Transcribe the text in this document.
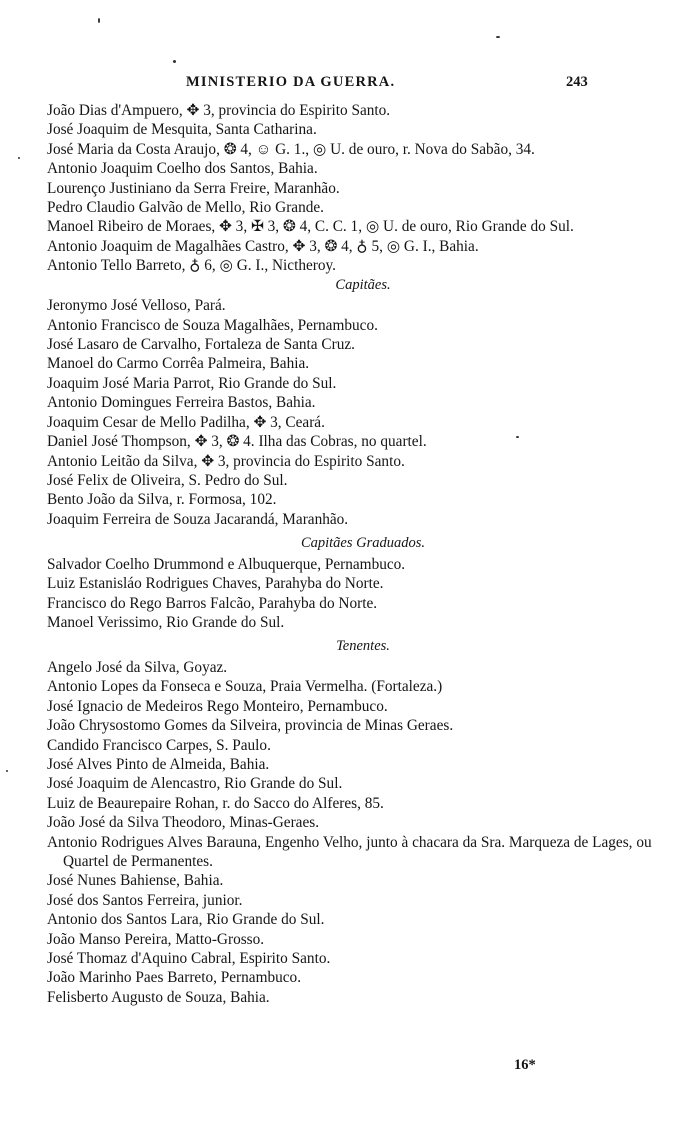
MINISTERIO DA GUERRA.	243
João Dias d'Ampuero, ✥ 3, provincia do Espirito Santo.
José Joaquim de Mesquita, Santa Catharina.
José Maria da Costa Araujo, ❂ 4, ☺ G. 1., ◎ U. de ouro, r. Nova do Sabão, 34.
Antonio Joaquim Coelho dos Santos, Bahia.
Lourenço Justiniano da Serra Freire, Maranhão.
Pedro Claudio Galvão de Mello, Rio Grande.
Manoel Ribeiro de Moraes, ✥ 3, ✠ 3, ❂ 4, C. C. 1, ◎ U. de ouro, Rio Grande do Sul.
Antonio Joaquim de Magalhães Castro, ✥ 3, ❂ 4, ♁ 5, ◎ G. I., Bahia.
Antonio Tello Barreto, ♁ 6, ◎ G. I., Nictheroy.
Capitães.
Jeronymo José Velloso, Pará.
Antonio Francisco de Souza Magalhães, Pernambuco.
José Lasaro de Carvalho, Fortaleza de Santa Cruz.
Manoel do Carmo Corrêa Palmeira, Bahia.
Joaquim José Maria Parrot, Rio Grande do Sul.
Antonio Domingues Ferreira Bastos, Bahia.
Joaquim Cesar de Mello Padilha, ✥ 3, Ceará.
Daniel José Thompson, ✥ 3, ❂ 4. Ilha das Cobras, no quartel.
Antonio Leitão da Silva, ✥ 3, provincia do Espirito Santo.
José Felix de Oliveira, S. Pedro do Sul.
Bento João da Silva, r. Formosa, 102.
Joaquim Ferreira de Souza Jacarandá, Maranhão.
Capitães Graduados.
Salvador Coelho Drummond e Albuquerque, Pernambuco.
Luiz Estanisláo Rodrigues Chaves, Parahyba do Norte.
Francisco do Rego Barros Falcão, Parahyba do Norte.
Manoel Verissimo, Rio Grande do Sul.
Tenentes.
Angelo José da Silva, Goyaz.
Antonio Lopes da Fonseca e Souza, Praia Vermelha. (Fortaleza.)
José Ignacio de Medeiros Rego Monteiro, Pernambuco.
João Chrysostomo Gomes da Silveira, provincia de Minas Geraes.
Candido Francisco Carpes, S. Paulo.
José Alves Pinto de Almeida, Bahia.
José Joaquim de Alencastro, Rio Grande do Sul.
Luiz de Beaurepaire Rohan, r. do Sacco do Alferes, 85.
João José da Silva Theodoro, Minas-Geraes.
Antonio Rodrigues Alves Barauna, Engenho Velho, junto à chacara da Sra. Marqueza de Lages, ou Quartel de Permanentes.
José Nunes Bahiense, Bahia.
José dos Santos Ferreira, junior.
Antonio dos Santos Lara, Rio Grande do Sul.
João Manso Pereira, Matto-Grosso.
José Thomaz d'Aquino Cabral, Espirito Santo.
João Marinho Paes Barreto, Pernambuco.
Felisberto Augusto de Souza, Bahia.
16*
